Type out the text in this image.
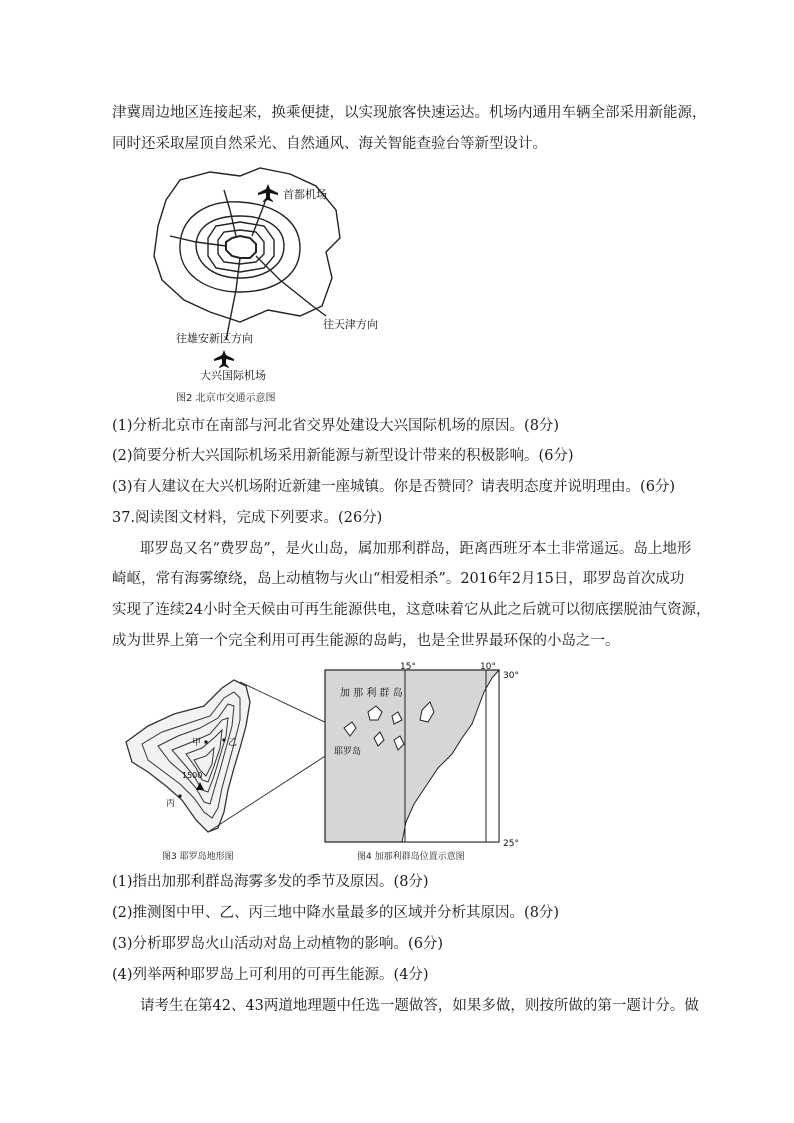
津冀周边地区连接起来，换乘便捷，以实现旅客快速运达。机场内通用车辆全部采用新能源，
同时还采取屋顶自然采光、自然通风、海关智能查验台等新型设计。
首都机场
往天津方向
往雄安新区方向
大兴国际机场
图2 北京市交通示意图
(1)分析北京市在南部与河北省交界处建设大兴国际机场的原因。(8分)
(2)简要分析大兴国际机场采用新能源与新型设计带来的积极影响。(6分)
(3)有人建议在大兴机场附近新建一座城镇。你是否赞同？请表明态度并说明理由。(6分)
37.阅读图文材料，完成下列要求。(26分)
耶罗岛又名“费罗岛”，是火山岛，属加那利群岛，距离西班牙本土非常遥远。岛上地形
崎岖，常有海雾缭绕，岛上动植物与火山“相爱相杀”。2016年2月15日，耶罗岛首次成功
实现了连续24小时全天候由可再生能源供电，这意味着它从此之后就可以彻底摆脱油气资源，
成为世界上第一个完全利用可再生能源的岛屿，也是全世界最环保的小岛之一。
1500
甲	乙
丙
图3 耶罗岛地形图
15°	10°
30°
25°
加 那 利 群 岛
耶罗岛
图4 加那利群岛位置示意图
(1)指出加那利群岛海雾多发的季节及原因。(8分)
(2)推测图中甲、乙、丙三地中降水量最多的区域并分析其原因。(8分)
(3)分析耶罗岛火山活动对岛上动植物的影响。(6分)
(4)列举两种耶罗岛上可利用的可再生能源。(4分)
请考生在第42、43两道地理题中任选一题做答，如果多做，则按所做的第一题计分。做
